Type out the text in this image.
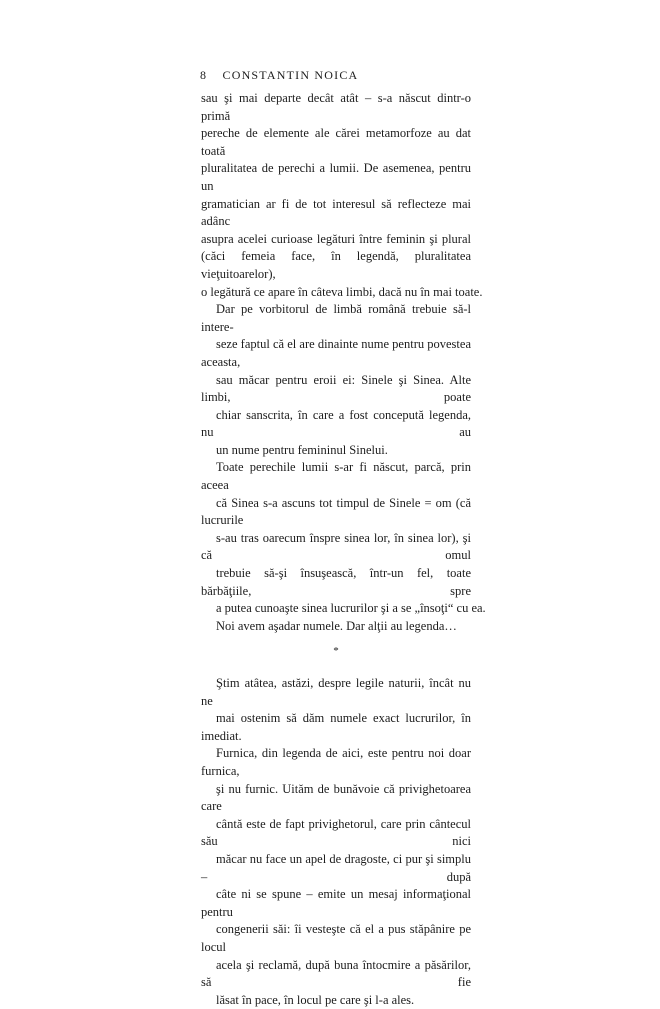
8 CONSTANTIN NOICA

sau şi mai departe decât atât – s-a născut dintr-o primă
pereche de elemente ale cărei metamorfoze au dat toată
pluralitatea de perechi a lumii. De asemenea, pentru un
gramatician ar fi de tot interesul să reflecteze mai adânc
asupra acelei curioase legături între feminin şi plural
(căci femeia face, în legendă, pluralitatea vieţuitoarelor),
o legătură ce apare în câteva limbi, dacă nu în mai toate.

Dar pe vorbitorul de limbă română trebuie să-l intere-
seze faptul că el are dinainte nume pentru povestea aceasta,
sau măcar pentru eroii ei: Sinele şi Sinea. Alte limbi, poate
chiar sanscrita, în care a fost concepută legenda, nu au
un nume pentru femininul Sinelui.

Toate perechile lumii s-ar fi născut, parcă, prin aceea
că Sinea s-a ascuns tot timpul de Sinele = om (că lucrurile
s-au tras oarecum înspre sinea lor, în sinea lor), şi că omul
trebuie să-şi însuşească, într-un fel, toate bărbăţiile, spre
a putea cunoaşte sinea lucrurilor şi a se „însoţi“ cu ea.

Noi avem aşadar numele. Dar alţii au legenda…

*

Ştim atâtea, astăzi, despre legile naturii, încât nu ne
mai ostenim să dăm numele exact lucrurilor, în imediat.
Furnica, din legenda de aici, este pentru noi doar furnica,
şi nu furnic. Uităm de bunăvoie că privighetoarea care
cântă este de fapt privighetorul, care prin cântecul său nici
măcar nu face un apel de dragoste, ci pur şi simplu – după
câte ni se spune – emite un mesaj informaţional pentru
congenerii săi: îi vesteşte că el a pus stăpânire pe locul
acela şi reclamă, după buna întocmire a păsărilor, să fie
lăsat în pace, în locul pe care şi l-a ales.
